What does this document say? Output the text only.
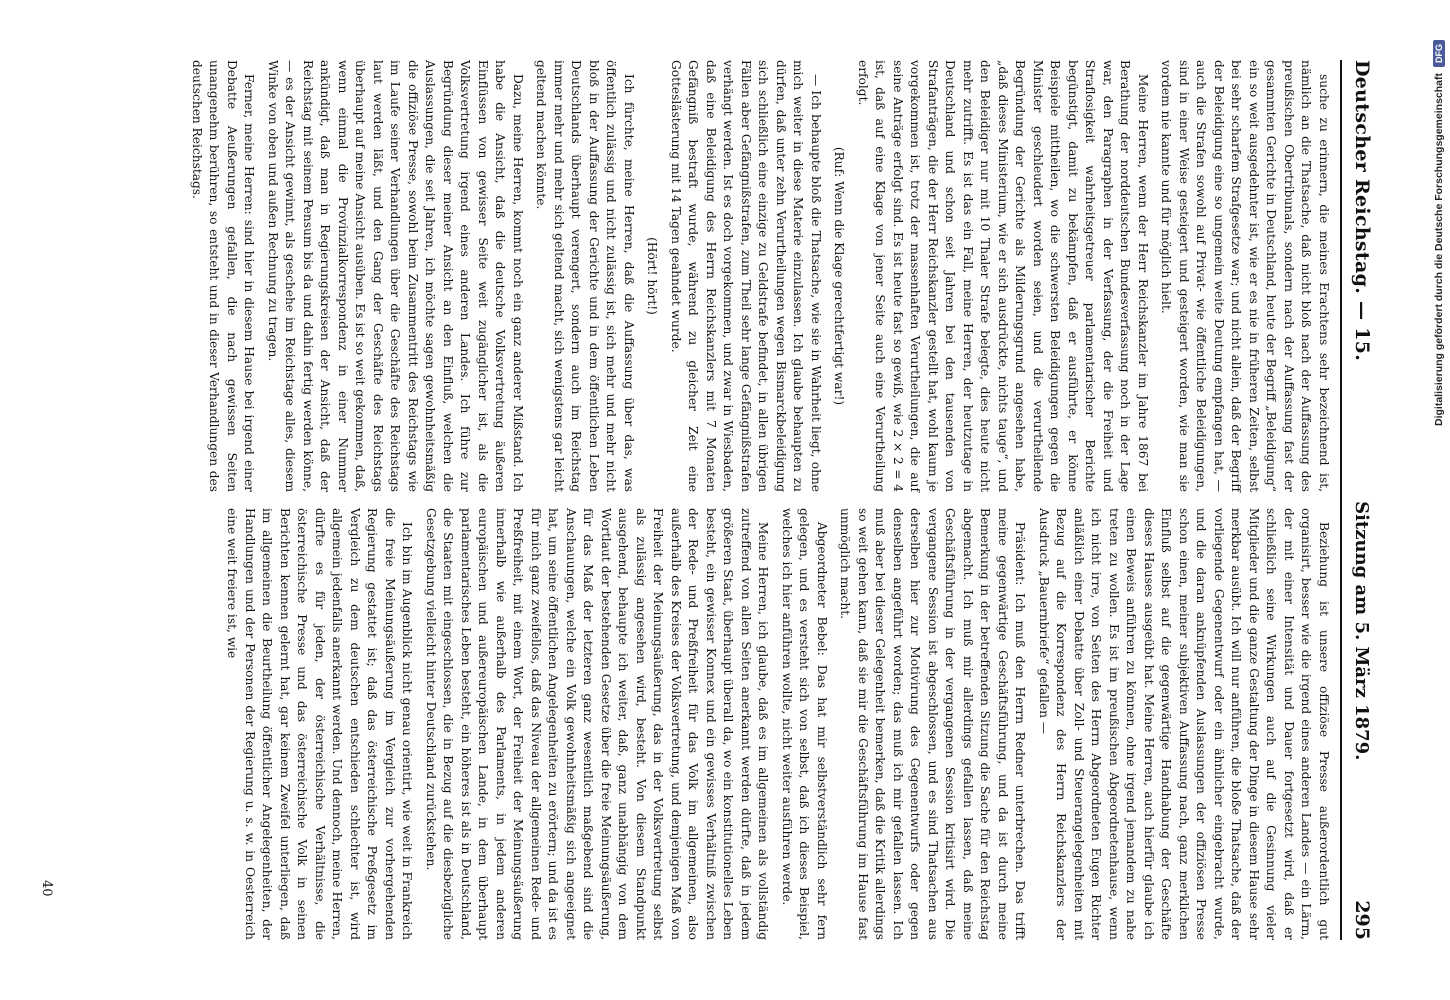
Deutscher Reichstag. — 15.
Sitzung am 5. März 1879.
295

suche zu erinnern, die meines Erachtens sehr bezeichnend ist, nämlich an die Thatsache, daß nicht bloß nach der Auffassung des preußischen Obertribunals, sondern nach der Auffassung fast der gesammten Gerichte in Deutschland, heute der Begriff „Beleidigung“ ein so weit ausgedehnter ist, wie er es nie in früheren Zeiten, selbst bei sehr scharfem Strafgesetze war; und nicht allein, daß der Begriff der Beleidigung eine so ungemein weite Deutung empfangen hat, — auch die Strafen sowohl auf Privat- wie öffentliche Beleidigungen, sind in einer Weise gesteigert und gesteigert worden, wie man sie vordem nie kannte und für möglich hielt.

Meine Herren, wenn der Herr Reichskanzler im Jahre 1867 bei Berathung der norddeutschen Bundesverfassung noch in der Lage war, den Paragraphen in der Verfassung, der die Freiheit und Straflosigkeit wahrheitsgetreuer parlamentarischer Berichte begünstigt, damit zu bekämpfen, daß er ausführte, er könne Beispiele mittheilen, wo die schwersten Beleidigungen gegen die Minister geschleudert worden seien, und die verurtheilende Begründung der Gerichte als Milderungsgrund angesehen habe, „daß dieses Ministerium, wie er sich ausdrückte, nichts tauge“, und den Beleidiger nur mit 10 Thaler Strafe belegte, dies heute nicht mehr zutrifft. Es ist das ein Fall, meine Herren, der heutzutage in Deutschland und schon seit Jahren bei den tausenden von Strafanträgen, die der Herr Reichskanzler gestellt hat, wohl kaum je vorgekommen ist, trotz der massenhaften Verurtheilungen, die auf seine Anträge erfolgt sind. Es ist heute fast so gewiß, wie 2 × 2 = 4 ist, daß auf eine Klage von jener Seite auch eine Verurtheilung erfolgt.

(Ruf: Wenn die Klage gerechtfertigt war!)

— Ich behaupte bloß die Thatsache, wie sie in Wahrheit liegt, ohne mich weiter in diese Materie einzulassen. Ich glaube behaupten zu dürfen, daß unter zehn Verurtheilungen wegen Bismarckbeleidigung sich schließlich eine einzige zu Geldstrafe befindet, in allen übrigen Fällen aber Gefängnißstrafen, zum Theil sehr lange Gefängnißstrafen verhängt werden. Ist es doch vorgekommen, und zwar in Wiesbaden, daß eine Beleidigung des Herrn Reichskanzlers mit 7 Monaten Gefängniß bestraft wurde, während zu gleicher Zeit eine Gotteslästerung mit 14 Tagen geahndet wurde.

(Hört! hört!)

Ich fürchte, meine Herren, daß die Auffassung über das, was öffentlich zulässig und nicht zulässig ist, sich mehr und mehr nicht bloß in der Auffassung der Gerichte und in dem öffentlichen Leben Deutschlands überhaupt verengert, sondern auch im Reichstag immer mehr und mehr sich geltend macht, sich wenigstens gar leicht geltend machen könnte.

Dazu, meine Herren, kommt noch ein ganz anderer Mißstand. Ich habe die Ansicht, daß die deutsche Volksvertretung äußeren Einflüssen von gewisser Seite weit zugänglicher ist, als die Volksvertretung irgend eines anderen Landes. Ich führe zur Begründung dieser meiner Ansicht an den Einfluß, welchen die Auslassungen, die seit Jahren, ich möchte sagen gewohnheitsmäßig die offiziöse Presse, sowohl beim Zusammentritt des Reichstags wie im Laufe seiner Verhandlungen über die Geschäfte des Reichstags laut werden läßt, und den Gang der Geschäfte des Reichstags überhaupt auf meine Ansicht ausüben. Es ist so weit gekommen, daß, wenn einmal die Provinzialkorrespondenz in einer Nummer ankündigt, daß man in Regierungskreisen der Ansicht, daß der Reichstag mit seinem Pensum bis da und dahin fertig werden könne, — es der Ansicht gewinnt, als geschehe im Reichstage alles, diesem Winke von oben und außen Rechnung zu tragen.

Ferner, meine Herren: sind hier in diesem Hause bei irgend einer Debatte Aeußerungen gefallen, die nach gewissen Seiten unangenehm berühren, so entsteht und in dieser Verhandlungen des deutschen Reichstags.

Beziehung ist unsere offiziöse Presse außerordentlich gut organisirt, besser wie die irgend eines anderen Landes — ein Lärm, der mit einer Intensität und Dauer fortgesetzt wird, daß er schließlich seine Wirkungen auch auf die Gesinnung vieler Mitglieder und die ganze Gestaltung der Dinge in diesem Hause sehr merkbar ausübt. Ich will nur anführen, die bloße Thatsache, daß der vorliegende Gegenentwurf oder ein ähnlicher eingebracht wurde, und die daran anknüpfenden Auslassungen der offiziösen Presse schon einen, meiner subjektiven Auffassung nach, ganz merklichen Einfluß selbst auf die gegenwärtige Handhabung der Geschäfte dieses Hauses ausgeübt hat. Meine Herren, auch hierfür glaube ich einen Beweis anführen zu können, ohne irgend jemandem zu nahe treten zu wollen. Es ist im preußischen Abgeordnetenhause, wenn ich nicht irre, von Seiten des Herrn Abgeordneten Eugen Richter anläßlich einer Debatte über Zoll- und Steuerangelegenheiten mit Bezug auf die Korrespondenz des Herrn Reichskanzlers der Ausdruck „Bauernbriefe“ gefallen —

Präsident: Ich muß den Herrn Redner unterbrechen. Das trifft meine gegenwärtige Geschäftsführung, und da ist durch meine Bemerkung in der betreffenden Sitzung die Sache für den Reichstag abgemacht. Ich muß mir allerdings gefallen lassen, daß meine Geschäftsführung in der vergangenen Session kritisirt wird. Die vergangene Session ist abgeschlossen, und es sind Thatsachen aus derselben hier zur Motivirung des Gegenentwurfs oder gegen denselben angeführt worden; das muß ich mir gefallen lassen. Ich muß aber bei dieser Gelegenheit bemerken, daß die Kritik allerdings so weit gehen kann, daß sie mir die Geschäftsführung im Hause fast unmöglich macht.

Abgeordneter Bebel: Das hat mir selbstverständlich sehr fern gelegen, und es versteht sich von selbst, daß ich dieses Beispiel, welches ich hier anführen wollte, nicht weiter ausführen werde.

Meine Herren, ich glaube, daß es im allgemeinen als vollständig zutreffend von allen Seiten anerkannt werden dürfte, daß in jedem größeren Staat, überhaupt überall da, wo ein konstitutionelles Leben besteht, ein gewisser Konnex und ein gewisses Verhältniß zwischen der Rede- und Preßfreiheit für das Volk im allgemeinen, also außerhalb des Kreises der Volksvertretung, und demjenigen Maß von Freiheit der Meinungsäußerung, das in der Volksvertretung selbst als zulässig angesehen wird, besteht. Von diesem Standpunkt ausgehend, behaupte ich weiter, daß, ganz unabhängig von dem Wortlaut der bestehenden Gesetze über die freie Meinungsäußerung, für das Maß der letzteren ganz wesentlich maßgebend sind die Anschauungen, welche ein Volk gewohnheitsmäßig sich angeeignet hat, um seine öffentlichen Angelegenheiten zu erörtern; und da ist es für mich ganz zweifellos, daß das Niveau der allgemeinen Rede- und Preßfreiheit, mit einem Wort, der Freiheit der Meinungsäußerung innerhalb wie außerhalb des Parlaments, in jedem anderen europäischen und außereuropäischen Lande, in dem überhaupt parlamentarisches Leben besteht, ein höheres ist als in Deutschland, die Staaten mit eingeschlossen, die in Bezug auf die diesbezügliche Gesetzgebung vielleicht hinter Deutschland zurückstehen.

Ich bin im Augenblick nicht genau orientirt, wie weit in Frankreich die freie Meinungsäußerung im Vergleich zur vorhergehenden Regierung gestattet ist; daß das österreichische Preßgesetz im Vergleich zu dem deutschen entschieden schlechter ist, wird allgemein jedenfalls anerkannt werden. Und dennoch, meine Herren, dürfte es für jeden, der österreichische Verhältnisse, die österreichische Presse und das österreichische Volk in seinen Berichten kennen gelernt hat, gar keinem Zweifel unterliegen, daß im allgemeinen die Beurtheilung öffentlicher Angelegenheiten, der Handlungen und der Personen der Regierung u. s. w. in Oesterreich eine weit freiere ist, wie

40
Digitalisierung gefördert durch die Deutsche Forschungsgemeinschaft
DFG
